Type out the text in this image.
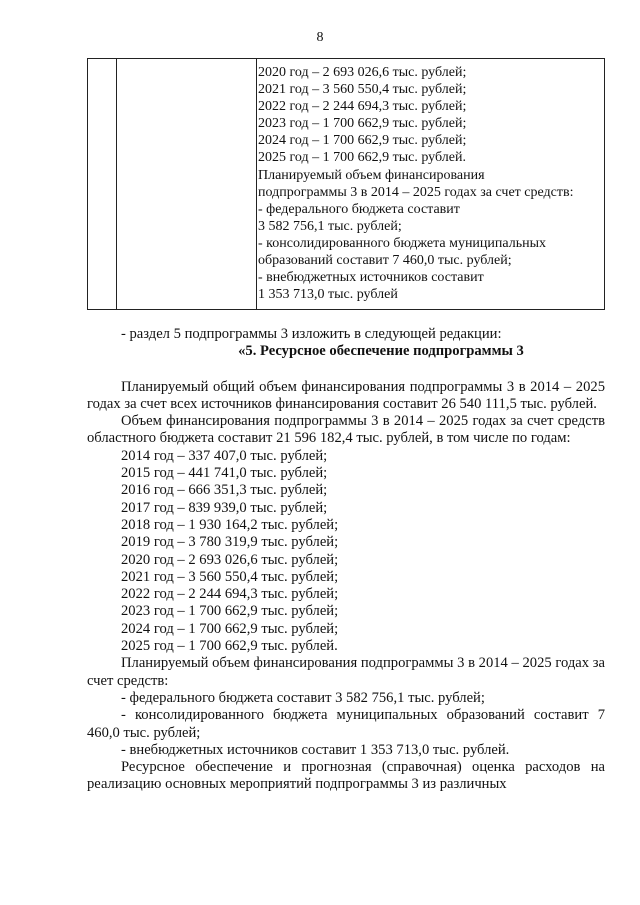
8
2020 год – 2 693 026,6 тыс. рублей;
2021 год – 3 560 550,4 тыс. рублей;
2022 год – 2 244 694,3 тыс. рублей;
2023 год – 1 700 662,9 тыс. рублей;
2024 год – 1 700 662,9 тыс. рублей;
2025 год – 1 700 662,9 тыс. рублей.
Планируемый объем финансирования
подпрограммы 3 в 2014 – 2025 годах за счет средств:
- федерального бюджета составит
3 582 756,1 тыс. рублей;
- консолидированного бюджета муниципальных
образований составит 7 460,0 тыс. рублей;
- внебюджетных источников составит
1 353 713,0 тыс. рублей
- раздел 5 подпрограммы 3 изложить в следующей редакции:
«5. Ресурсное обеспечение подпрограммы 3
Планируемый общий объем финансирования подпрограммы 3 в 2014 – 2025 годах за счет всех источников финансирования составит 26 540 111,5 тыс. рублей.
Объем финансирования подпрограммы 3 в 2014 – 2025 годах за счет средств областного бюджета составит 21 596 182,4 тыс. рублей, в том числе по годам:
2014 год – 337 407,0 тыс. рублей;
2015 год – 441 741,0 тыс. рублей;
2016 год – 666 351,3 тыс. рублей;
2017 год – 839 939,0 тыс. рублей;
2018 год – 1 930 164,2 тыс. рублей;
2019 год – 3 780 319,9 тыс. рублей;
2020 год – 2 693 026,6 тыс. рублей;
2021 год – 3 560 550,4 тыс. рублей;
2022 год – 2 244 694,3 тыс. рублей;
2023 год – 1 700 662,9 тыс. рублей;
2024 год – 1 700 662,9 тыс. рублей;
2025 год – 1 700 662,9 тыс. рублей.
Планируемый объем финансирования подпрограммы 3 в 2014 – 2025 годах за счет средств:
- федерального бюджета составит 3 582 756,1 тыс. рублей;
- консолидированного бюджета муниципальных образований составит 7 460,0 тыс. рублей;
- внебюджетных источников составит 1 353 713,0 тыс. рублей.
Ресурсное обеспечение и прогнозная (справочная) оценка расходов на реализацию основных мероприятий подпрограммы 3 из различных
